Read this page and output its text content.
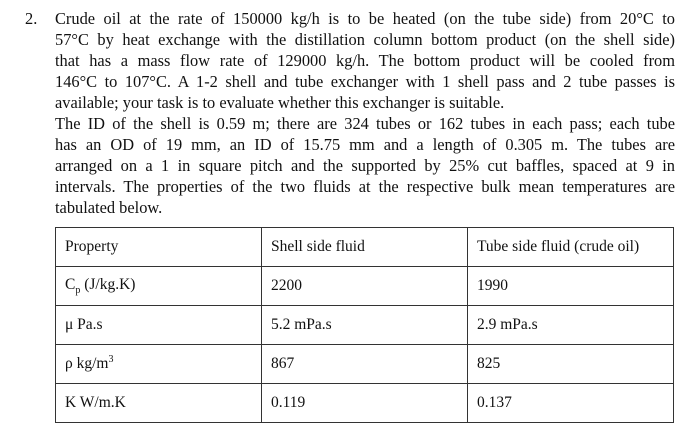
2. Crude oil at the rate of 150000 kg/h is to be heated (on the tube side) from 20°C to
57°C by heat exchange with the distillation column bottom product (on the shell side)
that has a mass flow rate of 129000 kg/h. The bottom product will be cooled from
146°C to 107°C. A 1-2 shell and tube exchanger with 1 shell pass and 2 tube passes is
available; your task is to evaluate whether this exchanger is suitable.
The ID of the shell is 0.59 m; there are 324 tubes or 162 tubes in each pass; each tube
has an OD of 19 mm, an ID of 15.75 mm and a length of 0.305 m. The tubes are
arranged on a 1 in square pitch and the supported by 25% cut baffles, spaced at 9 in
intervals. The properties of the two fluids at the respective bulk mean temperatures are
tabulated below.

Property	Shell side fluid	Tube side fluid (crude oil)
$C_p$ (J/kg.K)	2200	1990
μ Pa.s	5.2 mPa.s	2.9 mPa.s
ρ $kg/m^3$	867	825
K W/m.K	0.119	0.137
